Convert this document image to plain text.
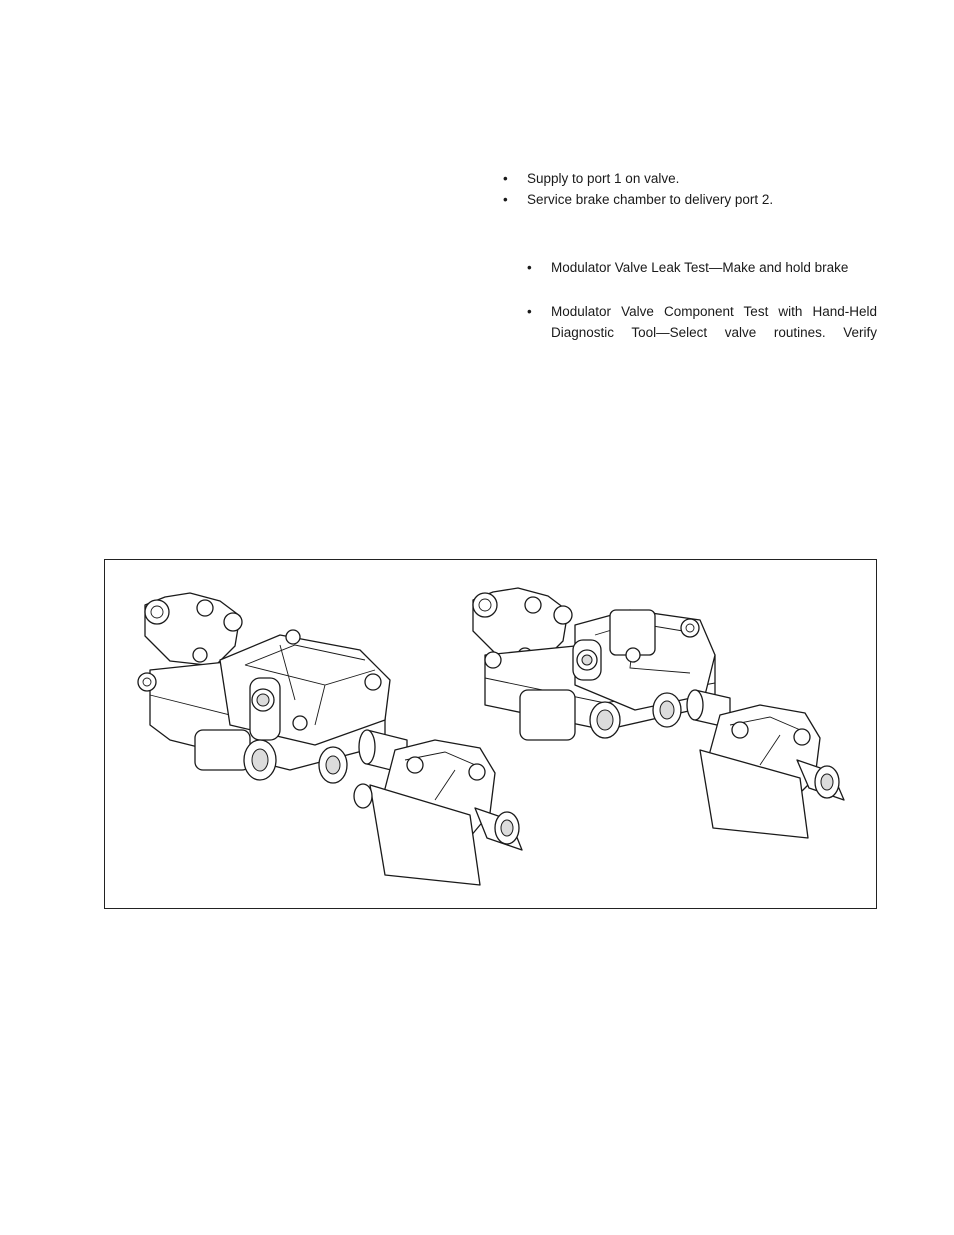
• Supply to port 1 on valve.

• Service brake chamber to delivery port 2.

• Modulator Valve Leak Test—Make and hold brake

• Modulator Valve Component Test with Hand-Held
Diagnostic Tool—Select valve routines. Verify
